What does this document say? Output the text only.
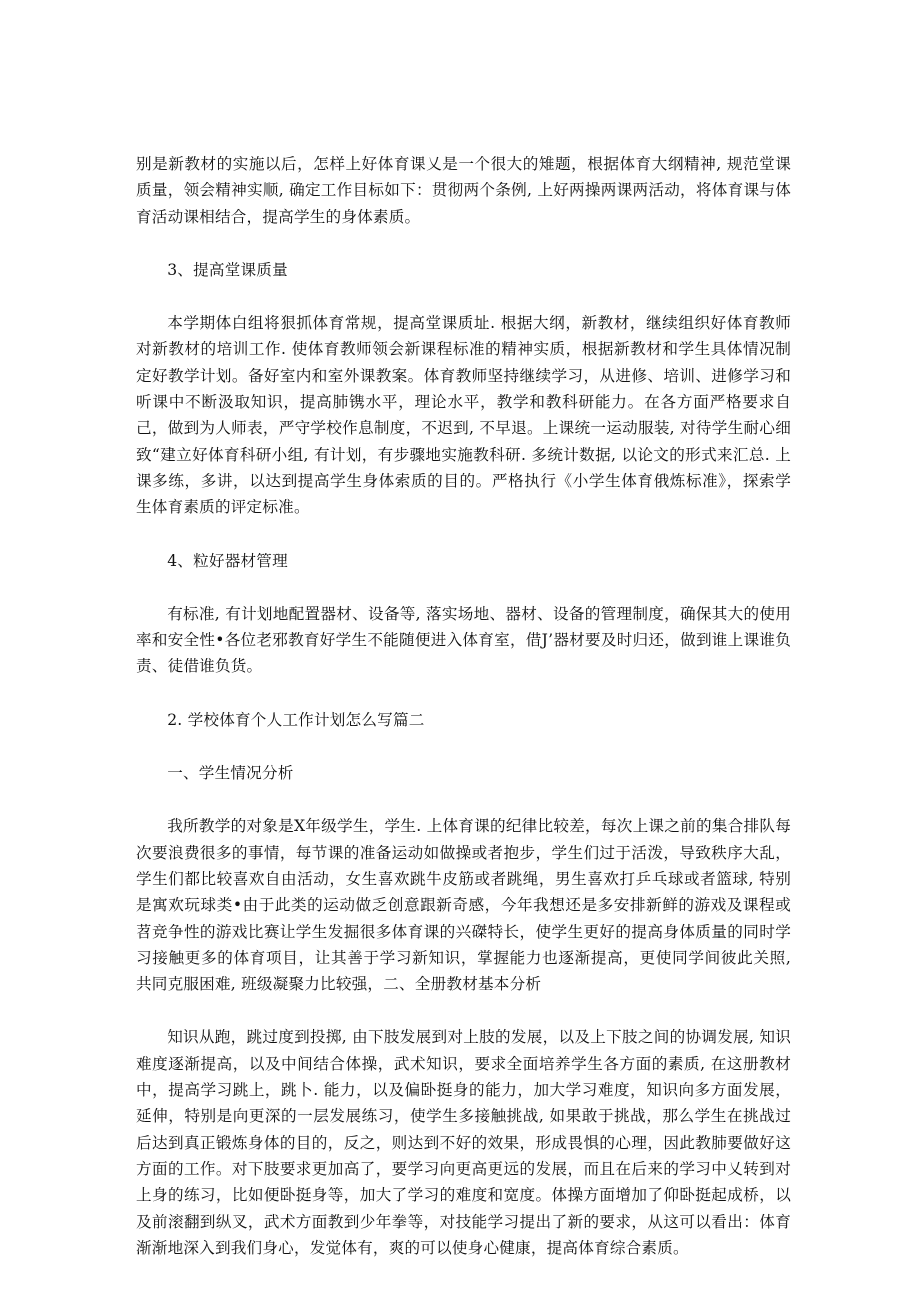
别是新教材的实施以后，怎样上好体育课乂是一个很大的雉题，根据体育大纲精神, 规范堂课质量，领会精神实顺, 确定工作目标如下：贯彻两个条例, 上好两操两课两活动，将体育课与体育活动课相结合，提高学生的身体素质。

3、提高堂课质量

本学期体白组将狠抓体育常规，提高堂课质址. 根据大纲，新教材，继续组织好体育教师对新教材的培训工作. 使体育教师领会新课程标准的精神实质，根据新教材和学生具体情况制定好教学计划。备好室内和室外课教案。体育教师坚持继续学习，从进修、培训、进修学习和听课中不断汲取知识，提高肺镌水平，理论水平，教学和教科研能力。在各方面严格要求自己，做到为人师表，严守学校作息制度，不迟到, 不早退。上课统一运动服装, 对待学生耐心细致“建立好体育科研小组, 有计划，有步骤地实施教科研. 多统计数据, 以论文的形式来汇总. 上课多练，多讲，以达到提高学生身体索质的目的。严格执行《小学生体育俄炼标准》，探索学生体育素质的评定标准。

4、粒好器材管理

有标准, 有计划地配置器材、设备等, 落实场地、器材、设备的管理制度，确保其大的使用率和安全性•各位老邪教育好学生不能随便进入体育室，借J’器材要及时归还，做到谁上课谁负责、徒借谁负货。

2. 学校体育个人工作计划怎么写篇二

一、学生情况分析

我所教学的对象是X年级学生，学生. 上体育课的纪律比较差，每次上课之前的集合排队每次要浪费很多的事情，每节课的准备运动如做操或者抱步，学生们过于活泼，导致秩序大乱，学生们都比较喜欢自由活动，女生喜欢跳牛皮筋或者跳绳，男生喜欢打乒乓球或者篮球, 特别是寓欢玩球类•由于此类的运动做乏创意跟新奇感，今年我想还是多安排新鲜的游戏及课程或苕竞争性的游戏比赛让学生发掘很多体育课的兴磔特长，使学生更好的提高身体质量的同时学习接触更多的体育项目，让其善于学习新知识，掌握能力也逐渐提高，更使同学间彼此关照, 共同克服困难, 班级凝聚力比较强，二、全册教材基本分析

知识从跑，跳过度到投掷, 由下肢发展到对上肢的发展，以及上下肢之间的协调发展, 知识难度逐渐提高，以及中间结合体操，武术知识，要求全面培养学生各方面的素质, 在这册教材中，提高学习跳上，跳卜. 能力，以及偏卧挺身的能力，加大学习难度，知识向多方面发展，延伸，特别是向更深的一层发展练习，使学生多接触挑战, 如果敢于挑战，那么学生在挑战过后达到真正锻炼身体的目的，反之，则达到不好的效果，形成畏惧的心理，因此教肺要做好这方面的工作。对下肢要求更加高了，要学习向更高更远的发展，而且在后来的学习中乂转到对上身的练习，比如便卧挺身等，加大了学习的难度和宽度。体操方面增加了仰卧挺起成桥，以及前滚翻到纵叉，武术方面教到少年拳等，对技能学习提出了新的要求，从这可以看出：体育渐渐地深入到我们身心，发觉体有，爽的可以使身心健康，提高体育综合素质。
